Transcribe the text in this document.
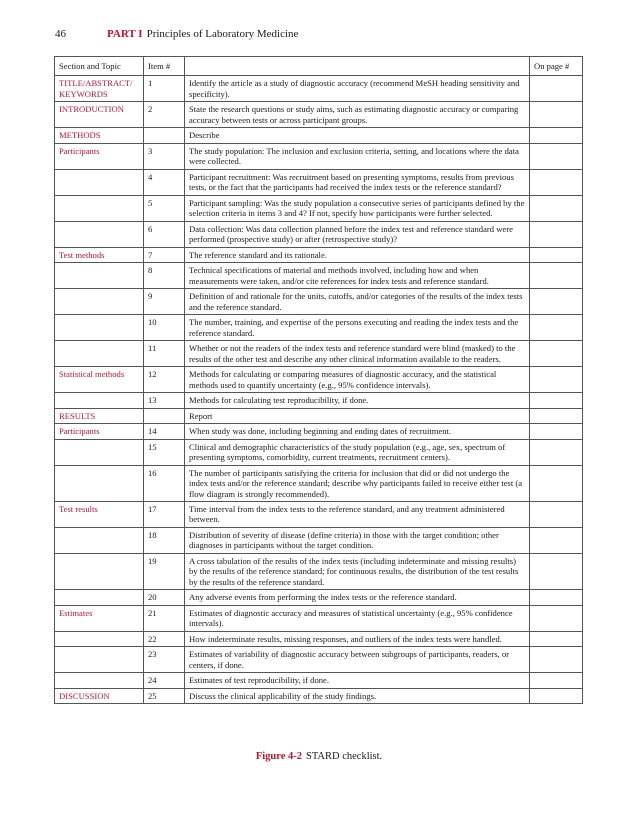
46	PART I Principles of Laboratory Medicine
Section and Topic	Item #		On page #
TITLE/ABSTRACT/ KEYWORDS	1	Identify the article as a study of diagnostic accuracy (recommend MeSH heading sensitivity and specificity).	
INTRODUCTION	2	State the research questions or study aims, such as estimating diagnostic accuracy or comparing accuracy between tests or across participant groups.	
METHODS		Describe	
Participants	3	The study population: The inclusion and exclusion criteria, setting, and locations where the data were collected.	
	4	Participant recruitment: Was recruitment based on presenting symptoms, results from previous tests, or the fact that the participants had received the index tests or the reference standard?	
	5	Participant sampling: Was the study population a consecutive series of participants defined by the selection criteria in items 3 and 4? If not, specify how participants were further selected.	
	6	Data collection: Was data collection planned before the index test and reference standard were performed (prospective study) or after (retrospective study)?	
Test methods	7	The reference standard and its rationale.	
	8	Technical specifications of material and methods involved, including how and when measurements were taken, and/or cite references for index tests and reference standard.	
	9	Definition of and rationale for the units, cutoffs, and/or categories of the results of the index tests and the reference standard.	
	10	The number, training, and expertise of the persons executing and reading the index tests and the reference standard.	
	11	Whether or not the readers of the index tests and reference standard were blind (masked) to the results of the other test and describe any other clinical information available to the readers.	
Statistical methods	12	Methods for calculating or comparing measures of diagnostic accuracy, and the statistical methods used to quantify uncertainty (e.g., 95% confidence intervals).	
	13	Methods for calculating test reproducibility, if done.	
RESULTS		Report	
Participants	14	When study was done, including beginning and ending dates of recruitment.	
	15	Clinical and demographic characteristics of the study population (e.g., age, sex, spectrum of presenting symptoms, comorbidity, current treatments, recruitment centers).	
	16	The number of participants satisfying the criteria for inclusion that did or did not undergo the index tests and/or the reference standard; describe why participants failed to receive either test (a flow diagram is strongly recommended).	
Test results	17	Time interval from the index tests to the reference standard, and any treatment administered between.	
	18	Distribution of severity of disease (define criteria) in those with the target condition; other diagnoses in participants without the target condition.	
	19	A cross tabulation of the results of the index tests (including indeterminate and missing results) by the results of the reference standard; for continuous results, the distribution of the test results by the results of the reference standard.	
	20	Any adverse events from performing the index tests or the reference standard.	
Estimates	21	Estimates of diagnostic accuracy and measures of statistical uncertainty (e.g., 95% confidence intervals).	
	22	How indeterminate results, missing responses, and outliers of the index tests were handled.	
	23	Estimates of variability of diagnostic accuracy between subgroups of participants, readers, or centers, if done.	
	24	Estimates of test reproducibility, if done.	
DISCUSSION	25	Discuss the clinical applicability of the study findings.	
Figure 4-2 STARD checklist.
